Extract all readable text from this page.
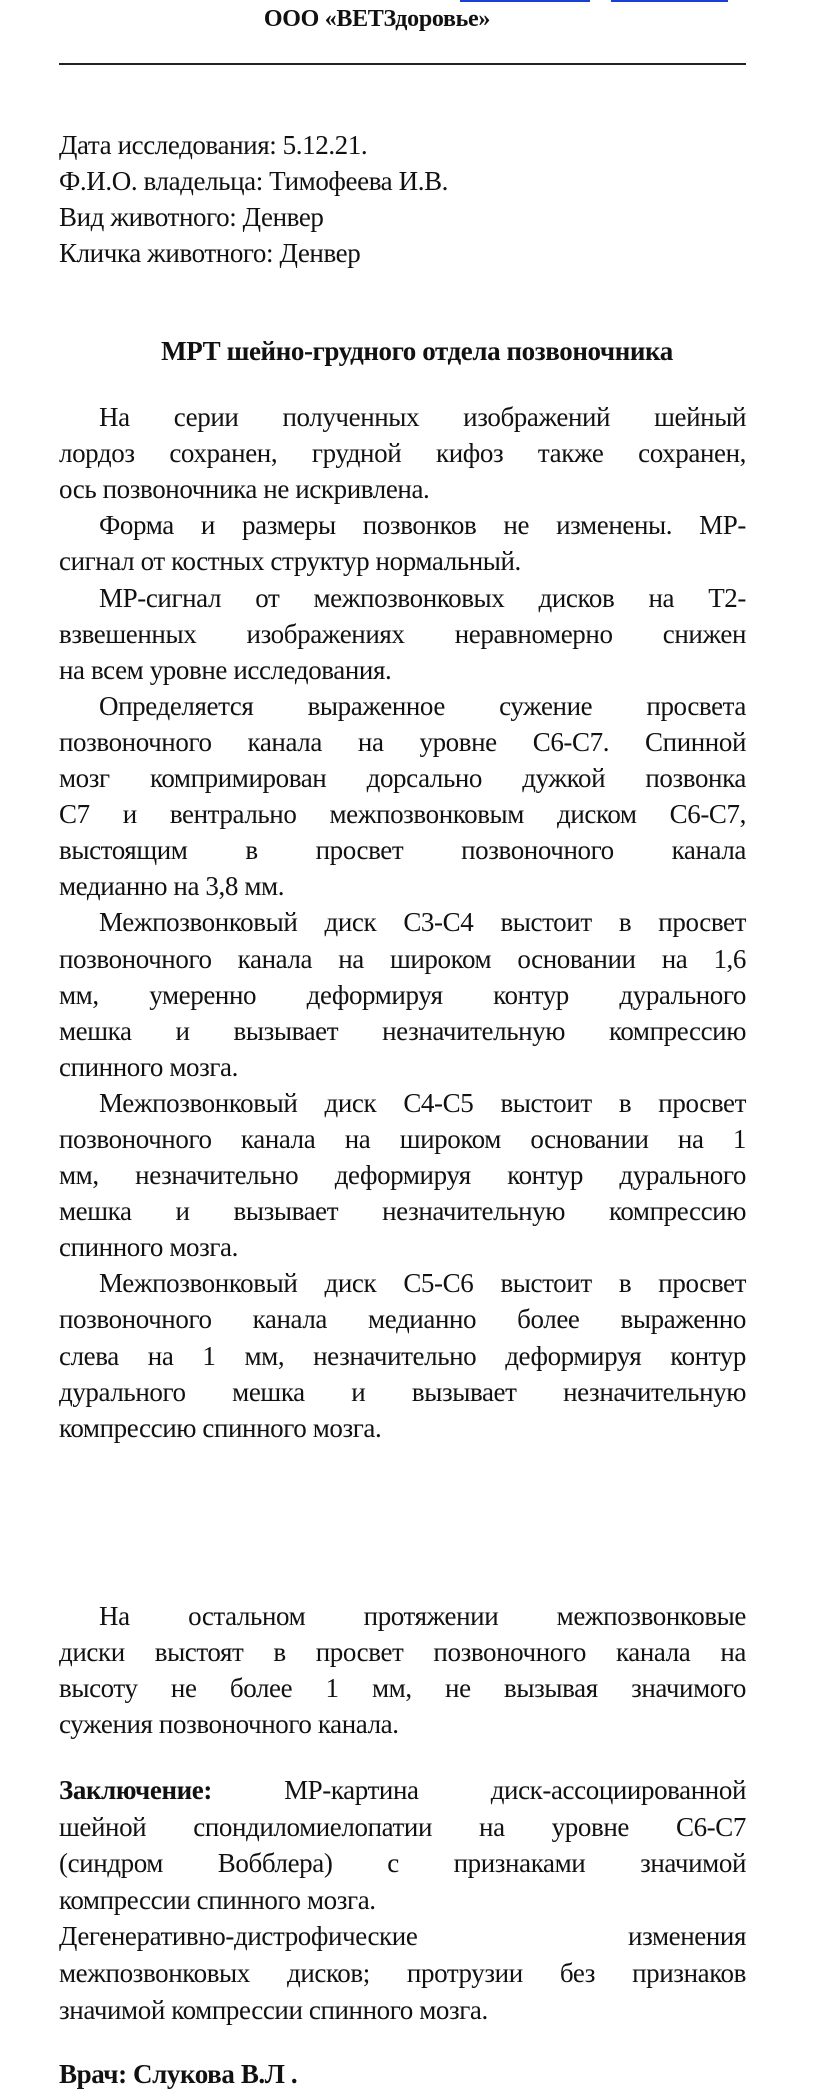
ООО «ВЕТЗдоровье»
МРТ шейно-грудного отдела позвоночника
Дата исследования: 5.12.21.
Ф.И.О. владельца: Тимофеева И.В.
Вид животного: Денвер
Кличка животного: Денвер
На серии полученных изображений шейный
лордоз сохранен, грудной кифоз также сохранен,
ось позвоночника не искривлена.
Форма и размеры позвонков не изменены. МР-
сигнал от костных структур нормальный.
МР-сигнал от межпозвонковых дисков на Т2-
взвешенных изображениях неравномерно снижен
на всем уровне исследования.
Определяется выраженное сужение просвета
позвоночного канала на уровне С6-С7. Спинной
мозг компримирован дорсально дужкой позвонка
С7 и вентрально межпозвонковым диском С6-С7,
выстоящим в просвет позвоночного канала
медианно на 3,8 мм.
Межпозвонковый диск С3-С4 выстоит в просвет
позвоночного канала на широком основании на 1,6
мм, умеренно деформируя контур дурального
мешка и вызывает незначительную компрессию
спинного мозга.
Межпозвонковый диск С4-С5 выстоит в просвет
позвоночного канала на широком основании на 1
мм, незначительно деформируя контур дурального
мешка и вызывает незначительную компрессию
спинного мозга.
Межпозвонковый диск С5-С6 выстоит в просвет
позвоночного канала медианно более выраженно
слева на 1 мм, незначительно деформируя контур
дурального мешка и вызывает незначительную
компрессию спинного мозга.
На остальном протяжении межпозвонковые
диски выстоят в просвет позвоночного канала на
высоту не более 1 мм, не вызывая значимого
сужения позвоночного канала.
Заключение:	МР-картина диск-ассоциированной
шейной спондиломиелопатии на уровне С6-С7
(синдром Вобблера) с признаками значимой
компрессии спинного мозга.
Дегенеративно-дистрофические изменения
межпозвонковых дисков; протрузии без признаков
значимой компрессии спинного мозга.
Врач: Слукова В.Л .
